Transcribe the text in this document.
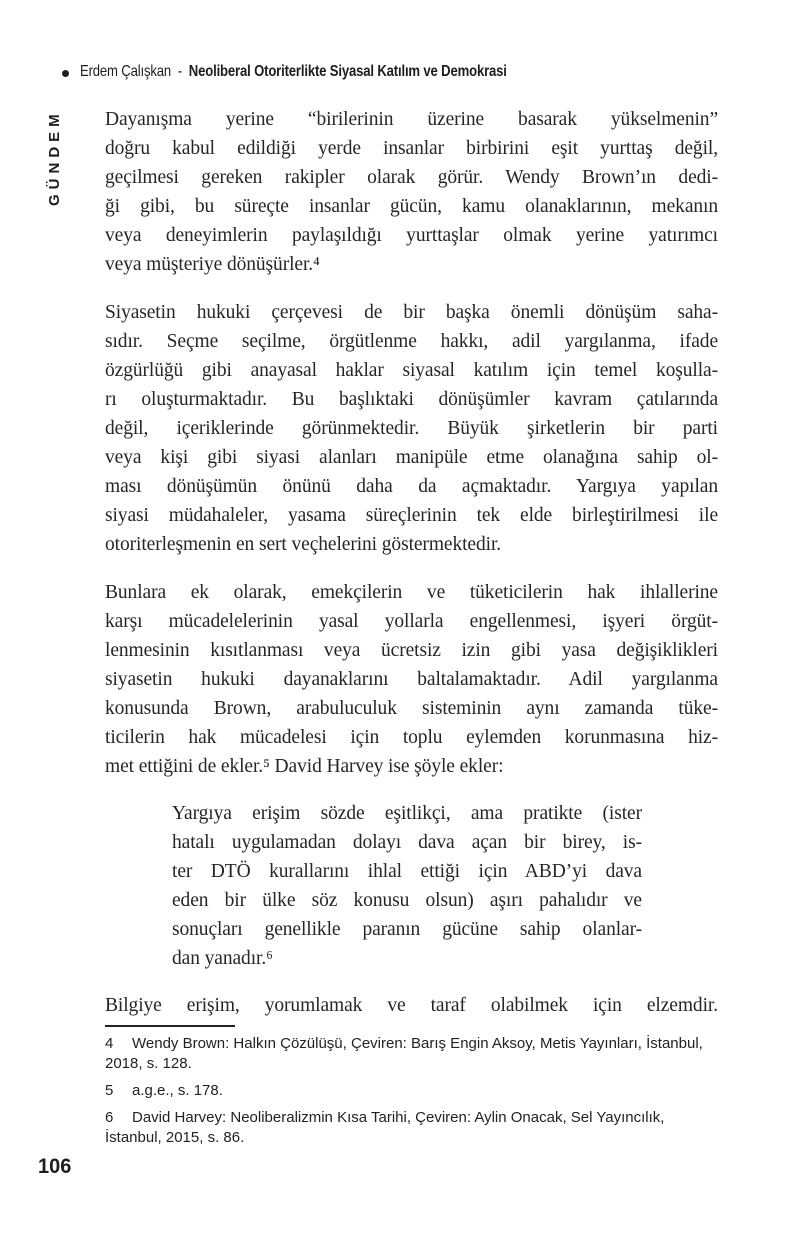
Erdem Çalışkan - Neoliberal Otoriterlikte Siyasal Katılım ve Demokrasi
GÜNDEM Dayanışma yerine “birilerinin üzerine basarak yükselmenin”
doğru kabul edildiği yerde insanlar birbirini eşit yurttaş değil,
geçilmesi gereken rakipler olarak görür. Wendy Brown’ın dedi-
ği gibi, bu süreçte insanlar gücün, kamu olanaklarının, mekanın
veya deneyimlerin paylaşıldığı yurttaşlar olmak yerine yatırımcı
veya müşteriye dönüşürler.⁴
Siyasetin hukuki çerçevesi de bir başka önemli dönüşüm saha-
sıdır. Seçme seçilme, örgütlenme hakkı, adil yargılanma, ifade
özgürlüğü gibi anayasal haklar siyasal katılım için temel koşulla-
rı oluşturmaktadır. Bu başlıktaki dönüşümler kavram çatılarında
değil, içeriklerinde görünmektedir. Büyük şirketlerin bir parti
veya kişi gibi siyasi alanları manipüle etme olanağına sahip ol-
ması dönüşümün önünü daha da açmaktadır. Yargıya yapılan
siyasi müdahaleler, yasama süreçlerinin tek elde birleştirilmesi ile
otoriterleşmenin en sert veçhelerini göstermektedir.
Bunlara ek olarak, emekçilerin ve tüketicilerin hak ihlallerine
karşı mücadelelerinin yasal yollarla engellenmesi, işyeri örgüt-
lenmesinin kısıtlanması veya ücretsiz izin gibi yasa değişiklikleri
siyasetin hukuki dayanaklarını baltalamaktadır. Adil yargılanma
konusunda Brown, arabuluculuk sisteminin aynı zamanda tüke-
ticilerin hak mücadelesi için toplu eylemden korunmasına hiz-
met ettiğini de ekler.⁵ David Harvey ise şöyle ekler:
Yargıya erişim sözde eşitlikçi, ama pratikte (ister
hatalı uygulamadan dolayı dava açan bir birey, is-
ter DTÖ kurallarını ihlal ettiği için ABD’yi dava
eden bir ülke söz konusu olsun) aşırı pahalıdır ve
sonuçları genellikle paranın gücüne sahip olanlar-
dan yanadır.⁶
Bilgiye erişim, yorumlamak ve taraf olabilmek için elzemdir.
4 Wendy Brown: Halkın Çözülüşü, Çeviren: Barış Engin Aksoy, Metis Yayınları, İstanbul, 2018, s. 128.
5 a.g.e., s. 178.
6 David Harvey: Neoliberalizmin Kısa Tarihi, Çeviren: Aylin Onacak, Sel Yayıncılık, İstanbul, 2015, s. 86.
106
